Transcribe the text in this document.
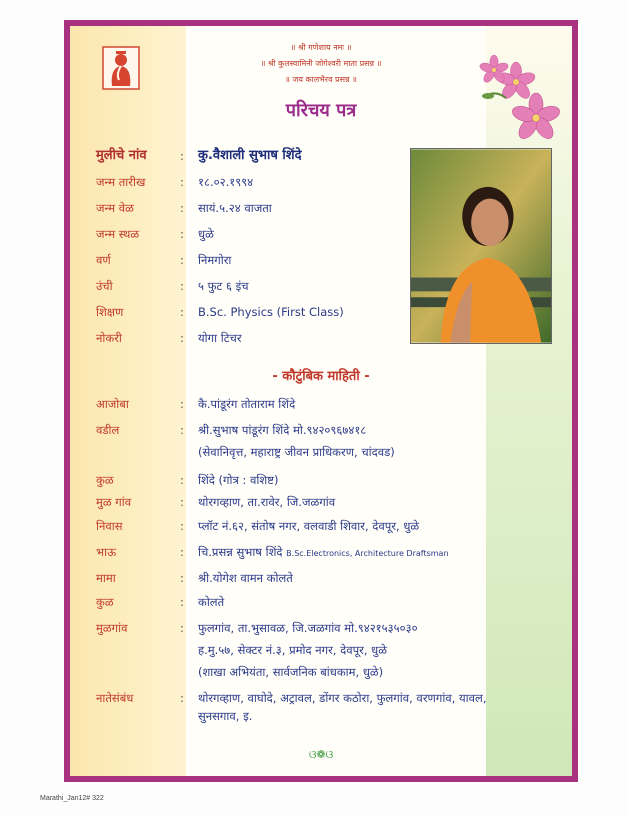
॥ श्री गणेशाय नमः ॥
॥ श्री कुलस्वामिनी जोगेश्वरी माता प्रसन्न ॥
॥ जय कालभैरव प्रसन्न ॥
परिचय पत्र
मुलीचे नांव	: कु.वैशाली सुभाष शिंदे
जन्म तारीख	: १८.०२.१९९४
जन्म वेळ	: सायं.५.२४ वाजता
जन्म स्थळ	: धुळे
वर्ण	: निमगोरा
उंची	: ५ फुट ६ इंच
शिक्षण	: B.Sc. Physics (First Class)
नोकरी	: योगा टिचर
- कौटुंबिक माहिती -
आजोबा	: कै.पांडूरंग तोताराम शिंदे
वडील	: श्री.सुभाष पांडूरंग शिंदे मो.९४२०९६७४१८
(सेवानिवृत्त, महाराष्ट्र जीवन प्राधिकरण, चांदवड)
कुळ	: शिंदे (गोत्र : वशिष्ट)
मुळ गांव	: थोरगव्हाण, ता.रावेर, जि.जळगांव
निवास	: प्लॉट नं.६२, संतोष नगर, वलवाडी शिवार, देवपूर, धुळे
भाऊ	: चि.प्रसन्न सुभाष शिंदे B.Sc.Electronics, Architecture Draftsman
मामा	: श्री.योगेश वामन कोलते
कुळ	: कोलते
मुळगांव	: फुलगांव, ता.भुसावळ, जि.जळगांव मो.९४२१५३५०३०
ह.मु.५७, सेक्टर नं.३, प्रमोद नगर, देवपूर, धुळे
(शाखा अभियंता, सार्वजनिक बांधकाम, धुळे)
नातेसंबंध	: थोरगव्हाण, वाघोदे, अट्रावल, डोंगर कठोरा, फुलगांव, वरणगांव, यावल,
सुनसगाव, इ.
ଓ❁ଓ
Marathi_Jan12# 322
